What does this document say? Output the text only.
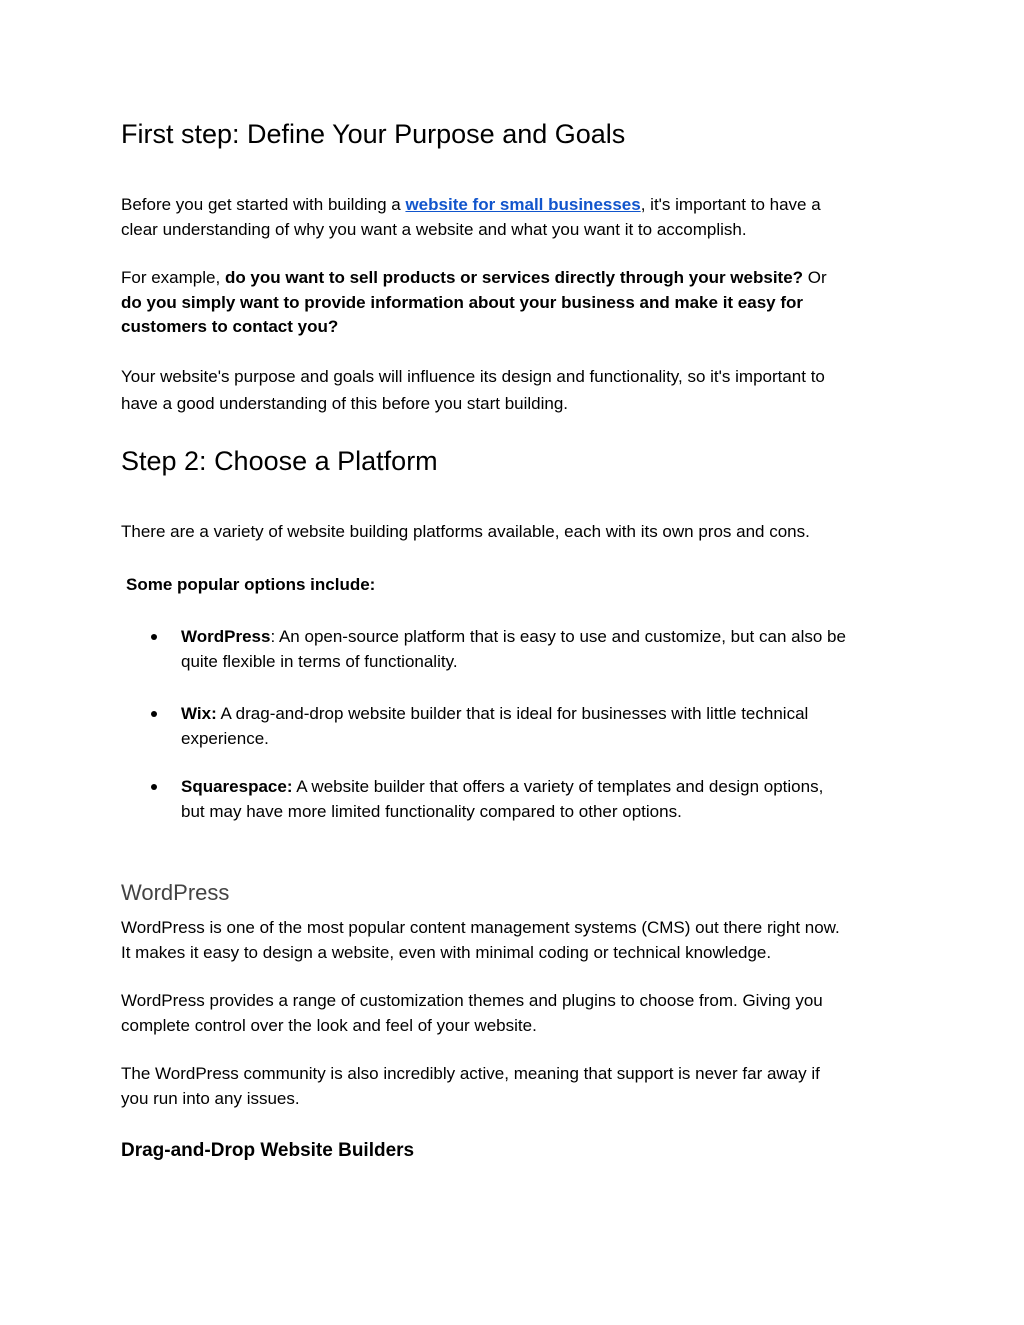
First step: Define Your Purpose and Goals
Before you get started with building a website for small businesses, it's important to have a
clear understanding of why you want a website and what you want it to accomplish.
For example, do you want to sell products or services directly through your website? Or
do you simply want to provide information about your business and make it easy for
customers to contact you?
Your website's purpose and goals will influence its design and functionality, so it's important to
have a good understanding of this before you start building.
Step 2: Choose a Platform
There are a variety of website building platforms available, each with its own pros and cons.
Some popular options include:
WordPress: An open-source platform that is easy to use and customize, but can also be
quite flexible in terms of functionality.
Wix: A drag-and-drop website builder that is ideal for businesses with little technical
experience.
Squarespace: A website builder that offers a variety of templates and design options,
but may have more limited functionality compared to other options.
WordPress
WordPress is one of the most popular content management systems (CMS) out there right now.
It makes it easy to design a website, even with minimal coding or technical knowledge.
WordPress provides a range of customization themes and plugins to choose from. Giving you
complete control over the look and feel of your website.
The WordPress community is also incredibly active, meaning that support is never far away if
you run into any issues.
Drag-and-Drop Website Builders
